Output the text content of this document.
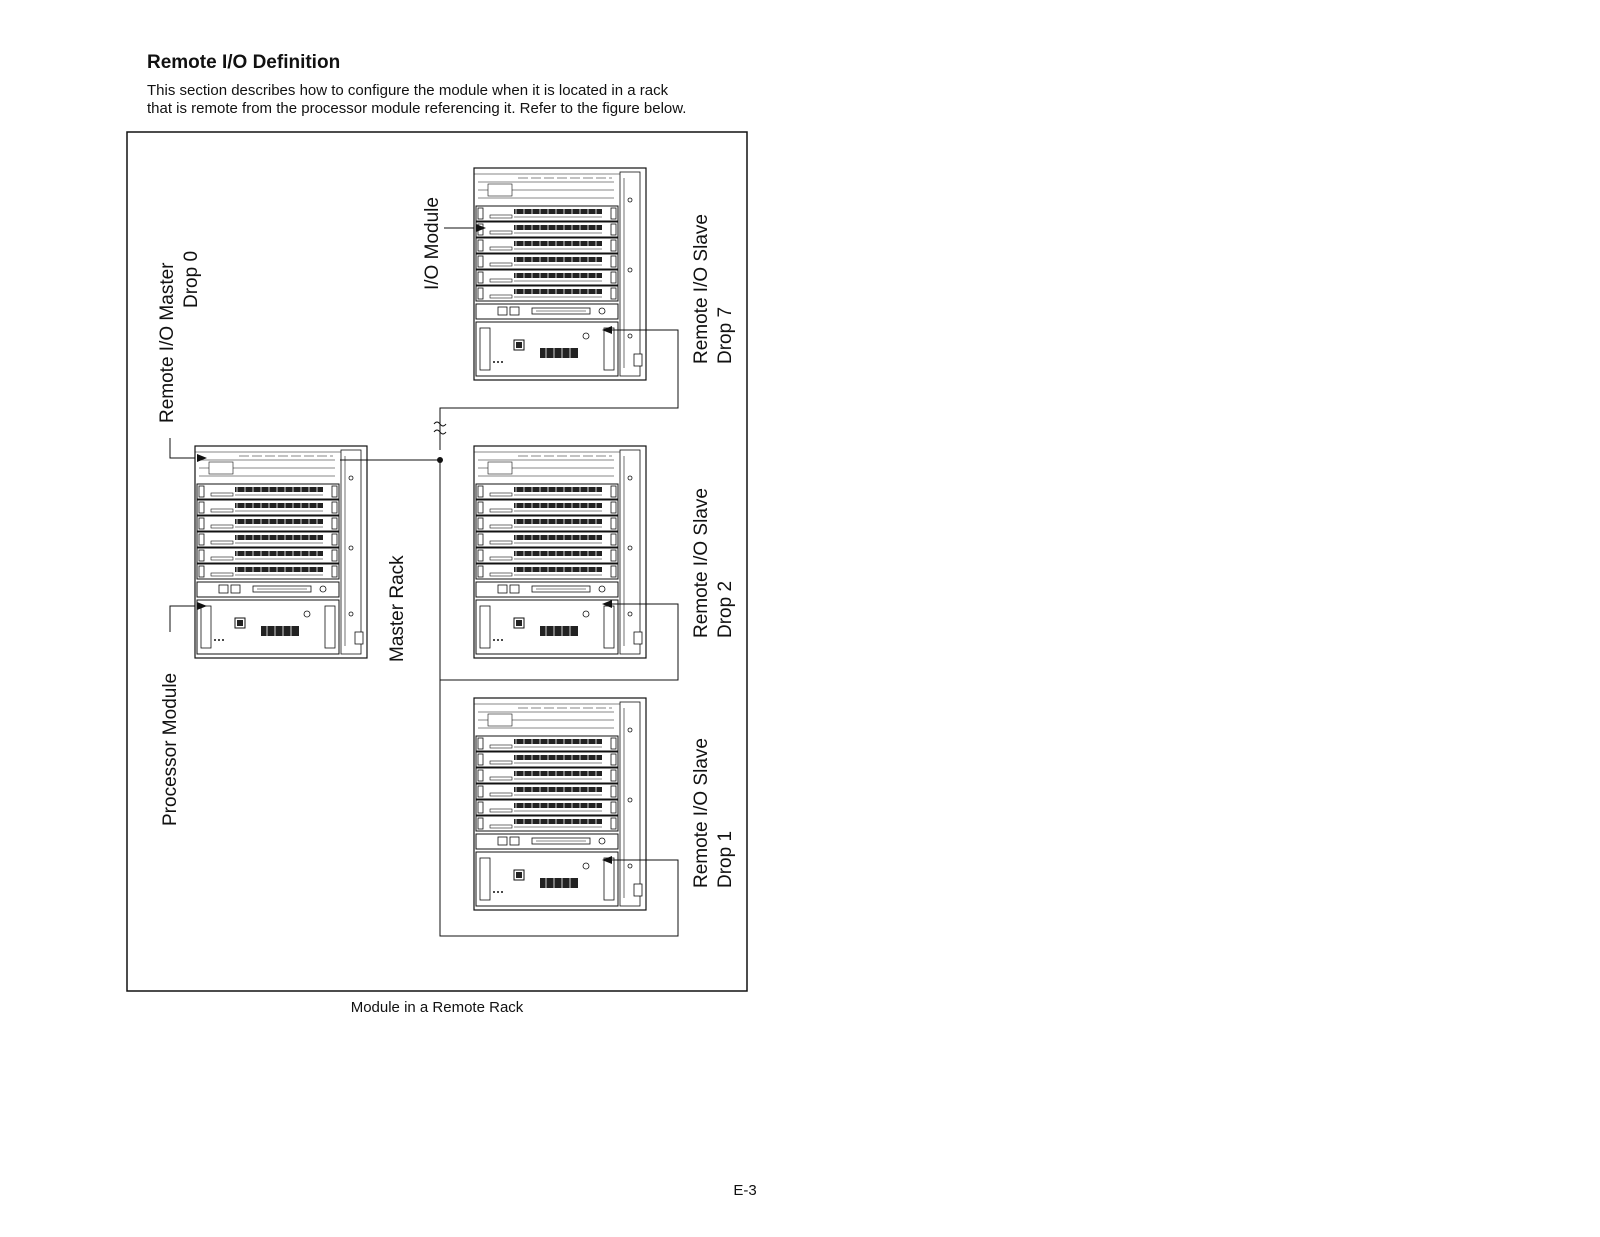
Remote I/O Definition
This section describes how to configure the module when it is located in a rack
that is remote from the processor module referencing it. Refer to the figure below.
Remote I/O Master Drop 0
Processor Module
Master Rack
I/O Module	Remote I/O Slave Drop 7
Remote I/O Slave Drop 2
Remote I/O Slave Drop 1
Module in a Remote Rack
E-3
